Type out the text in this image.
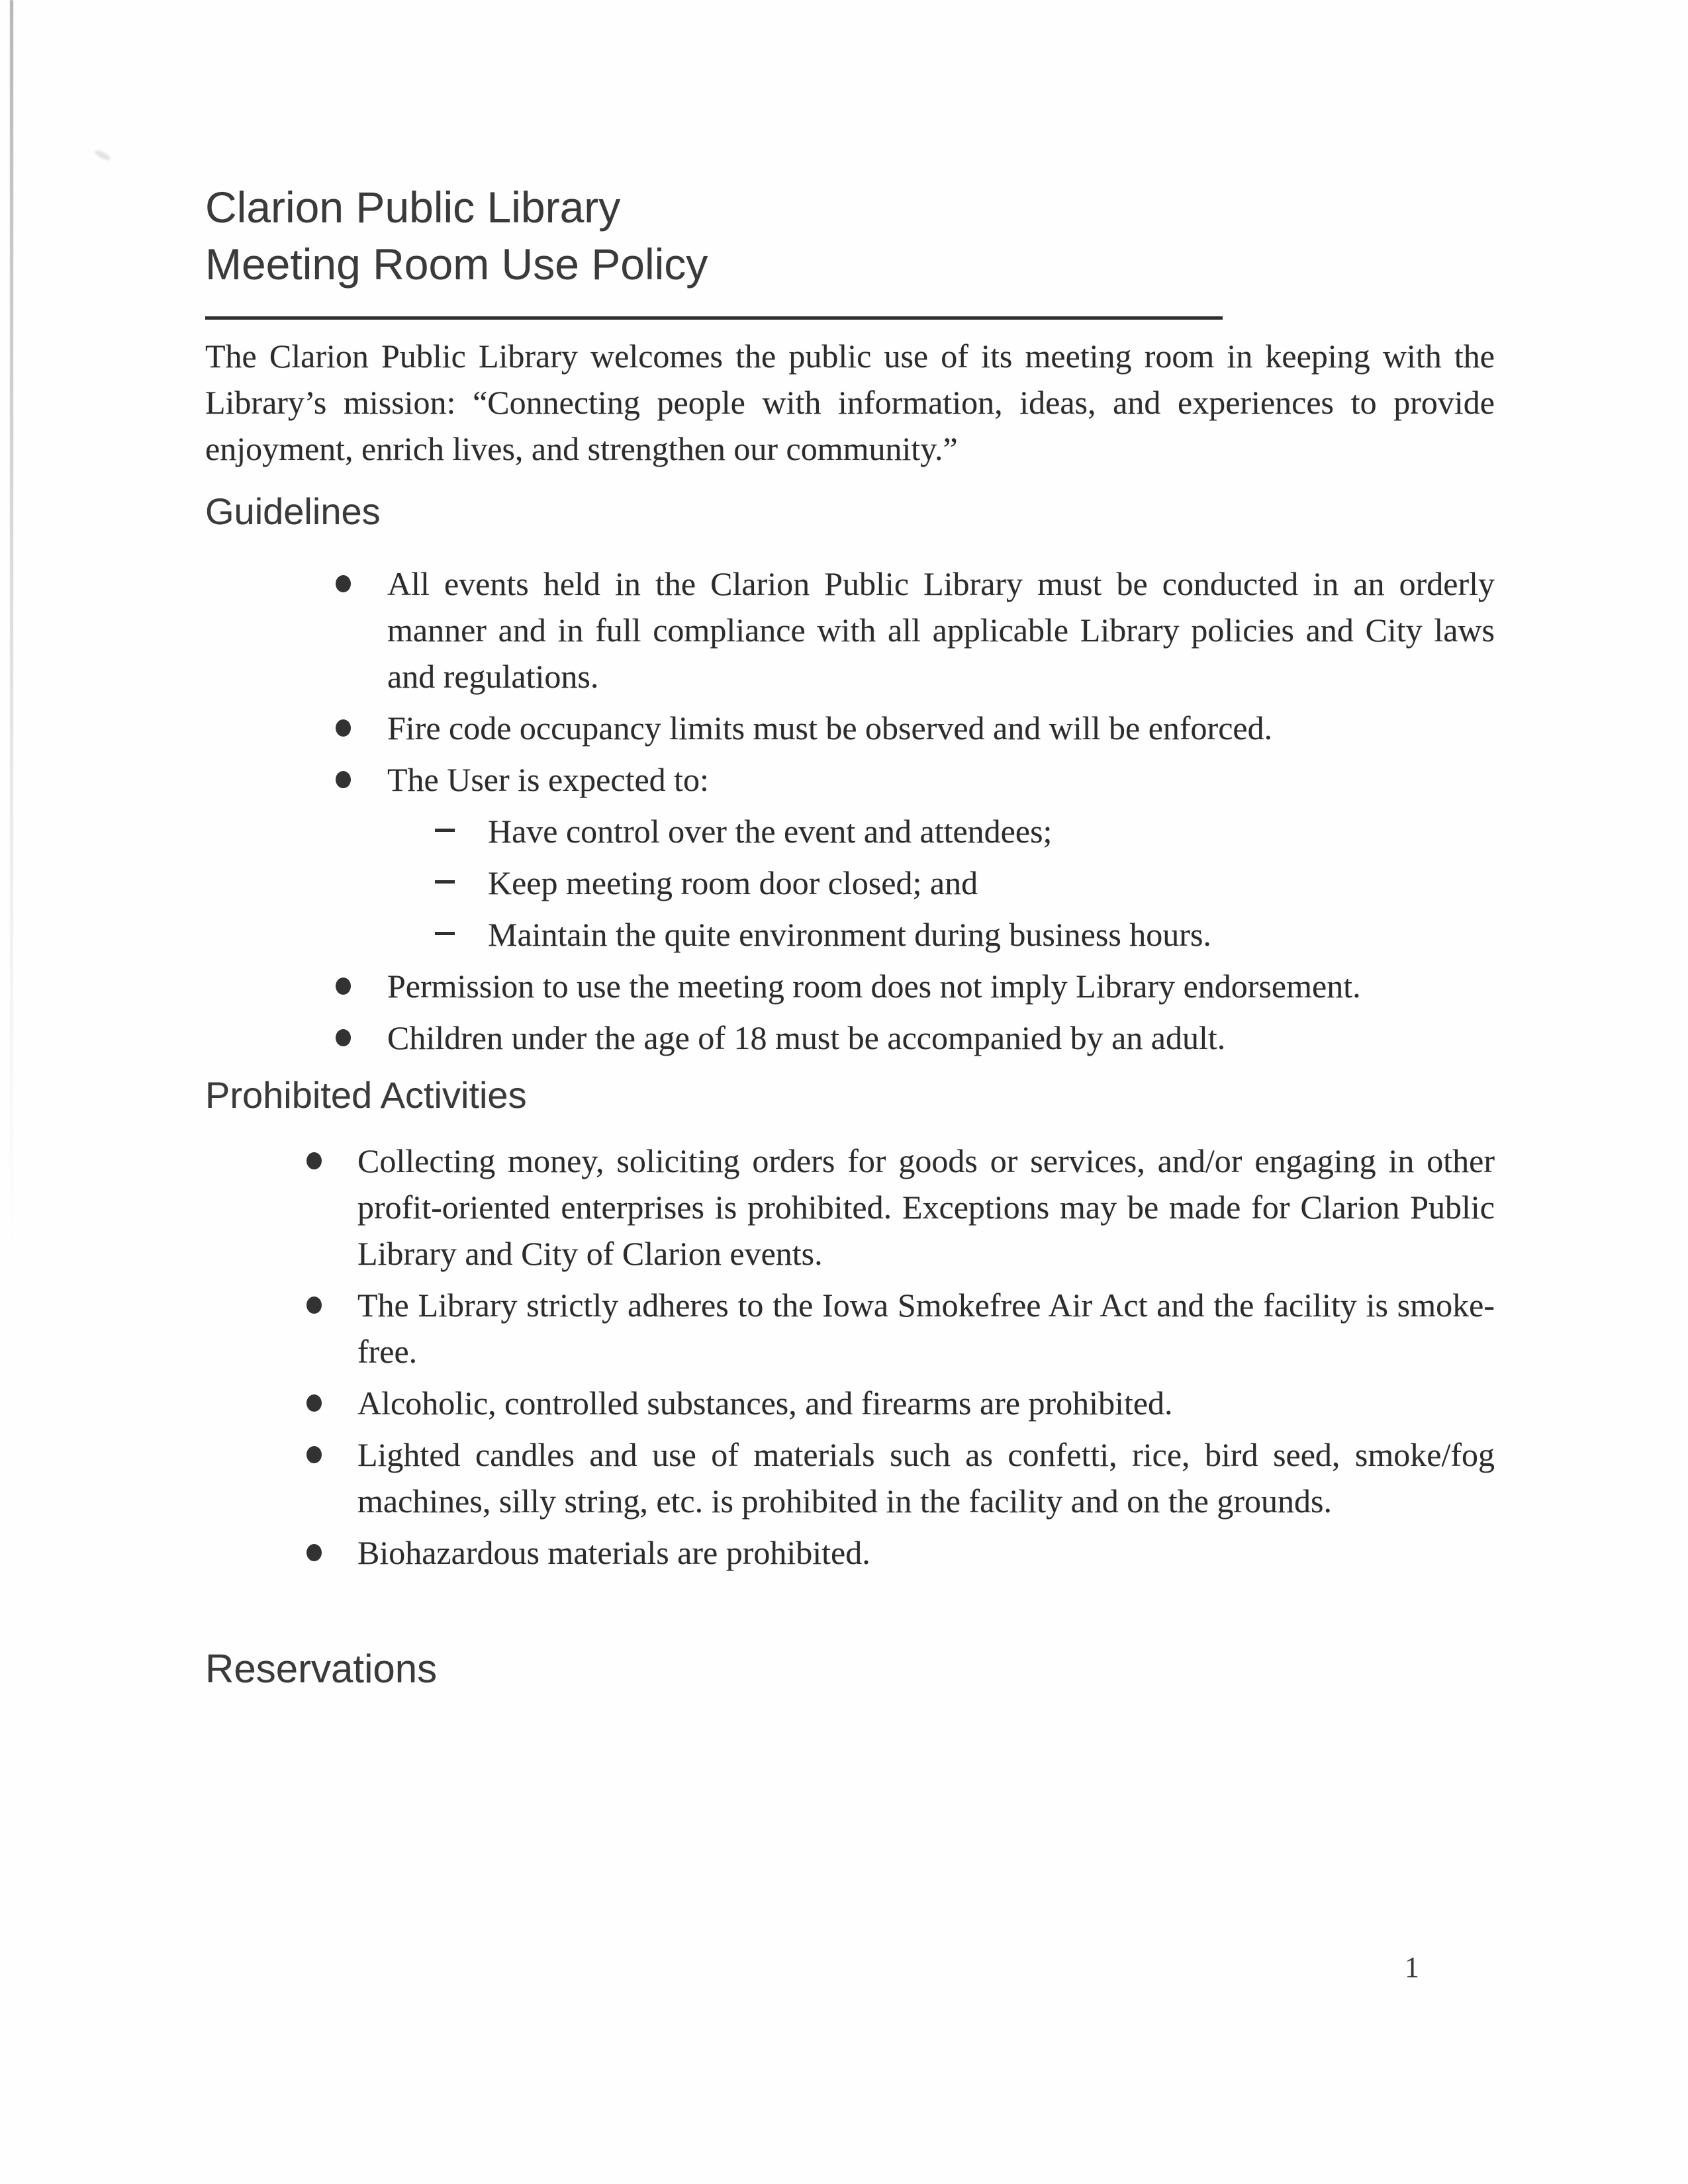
Clarion Public Library
Meeting Room Use Policy

The Clarion Public Library welcomes the public use of its meeting room in keeping with the Library’s mission: “Connecting people with information, ideas, and experiences to provide enjoyment, enrich lives, and strengthen our community.”

Guidelines
All events held in the Clarion Public Library must be conducted in an orderly manner and in full compliance with all applicable Library policies and City laws and regulations.
Fire code occupancy limits must be observed and will be enforced.
The User is expected to:
Have control over the event and attendees;
Keep meeting room door closed; and
Maintain the quite environment during business hours.
Permission to use the meeting room does not imply Library endorsement.
Children under the age of 18 must be accompanied by an adult.
Prohibited Activities
Collecting money, soliciting orders for goods or services, and/or engaging in other profit-oriented enterprises is prohibited. Exceptions may be made for Clarion Public Library and City of Clarion events.
The Library strictly adheres to the Iowa Smokefree Air Act and the facility is smoke-free.
Alcoholic, controlled substances, and firearms are prohibited.
Lighted candles and use of materials such as confetti, rice, bird seed, smoke/fog machines, silly string, etc. is prohibited in the facility and on the grounds.
Biohazardous materials are prohibited.
Reservations
1
